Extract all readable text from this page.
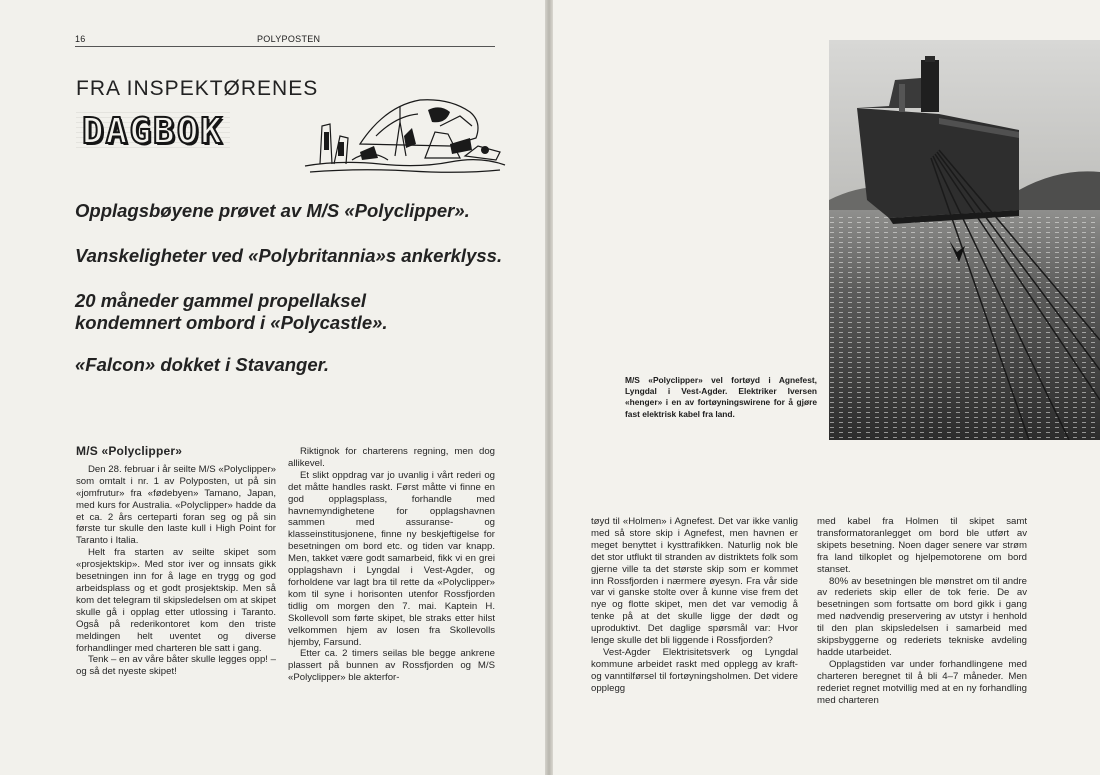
16	POLYPOSTEN
FRA INSPEKTØRENES
DAGBOK

Opplagsbøyene prøvet av M/S «Polyclipper».

Vanskeligheter ved «Polybritannia»s ankerklyss.

20 måneder gammel propellaksel kondemnert ombord i «Polycastle».

«Falcon» dokket i Stavanger.

M/S «Polyclipper»

Den 28. februar i år seilte M/S «Polyclipper» som omtalt i nr. 1 av Polyposten, ut på sin «jomfrutur» fra «fødebyen» Tamano, Japan, med kurs for Australia. «Polyclipper» hadde da et ca. 2 års certeparti foran seg og på sin første tur skulle den laste kull i High Point for Taranto i Italia.

Helt fra starten av seilte skipet som «prosjektskip». Med stor iver og innsats gikk besetningen inn for å lage en trygg og god arbeidsplass og et godt prosjektskip. Men så kom det telegram til skipsledelsen om at skipet skulle gå i opplag etter utlossing i Taranto. Også på rederikontoret kom den triste meldingen helt uventet og diverse forhandlinger med charteren ble satt i gang.

Tenk – en av våre båter skulle legges opp! – og så det nyeste skipet!

Riktignok for charterens regning, men dog allikevel.

Et slikt oppdrag var jo uvanlig i vårt rederi og det måtte handles raskt. Først måtte vi finne en god opplagsplass, forhandle med havnemyndighetene for opplagshavnen sammen med assuranse- og klasseinstitusjonene, finne ny beskjeftigelse for besetningen om bord etc. og tiden var knapp. Men, takket være godt samarbeid, fikk vi en grei opplagshavn i Lyngdal i Vest-Agder, og forholdene var lagt bra til rette da «Polyclipper» kom til syne i horisonten utenfor Rossfjorden tidlig om morgen den 7. mai. Kaptein H. Skollevoll som førte skipet, ble straks etter hilst velkommen hjem av losen fra Skollevolls hjemby, Farsund.

Etter ca. 2 timers seilas ble begge ankrene plassert på bunnen av Rossfjorden og M/S «Polyclipper» ble akterfor-

M/S «Polyclipper» vel fortøyd i Agnefest, Lyngdal i Vest-Agder. Elektriker Iversen «henger» i en av fortøyningswirene for å gjøre fast elektrisk kabel fra land.

tøyd til «Holmen» i Agnefest. Det var ikke vanlig med så store skip i Agnefest, men havnen er meget benyttet i kysttrafikken. Naturlig nok ble det stor utflukt til stranden av distriktets folk som gjerne ville ta det største skip som er kommet inn Rossfjorden i nærmere øyesyn. Fra vår side var vi ganske stolte over å kunne vise frem det nye og flotte skipet, men det var vemodig å tenke på at det skulle ligge der dødt og uproduktivt. Det daglige spørsmål var: Hvor lenge skulle det bli liggende i Rossfjorden?

Vest-Agder Elektrisitetsverk og Lyngdal kommune arbeidet raskt med opplegg av kraft- og vanntilførsel til fortøyningsholmen. Det videre opplegg

med kabel fra Holmen til skipet samt transformatoranlegget om bord ble utført av skipets besetning. Noen dager senere var strøm fra land tilkoplet og hjelpemotorene om bord stanset.

80% av besetningen ble mønstret om til andre av rederiets skip eller de tok ferie. De av besetningen som fortsatte om bord gikk i gang med nødvendig preservering av utstyr i henhold til den plan skipsledelsen i samarbeid med skipsbyggerne og rederiets tekniske avdeling hadde utarbeidet.

Opplagstiden var under forhandlingene med charteren beregnet til å bli 4–7 måneder. Men rederiet regnet motvillig med at en ny forhandling med charteren
